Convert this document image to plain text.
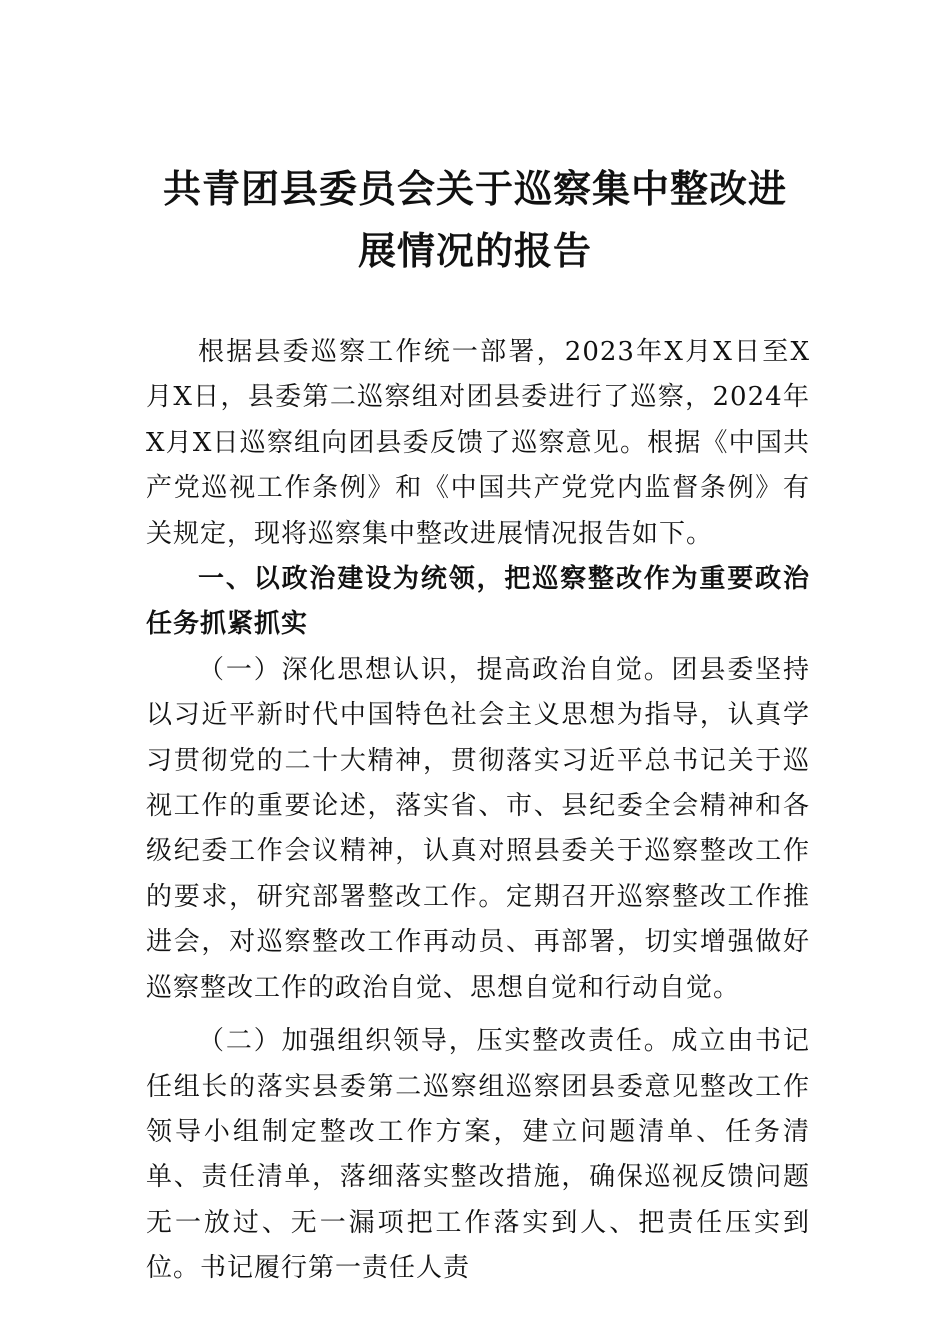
共青团县委员会关于巡察集中整改进展情况的报告

根据县委巡察工作统一部署，2023年X月X日至X月X日，县委第二巡察组对团县委进行了巡察，2024年X月X日巡察组向团县委反馈了巡察意见。根据《中国共产党巡视工作条例》和《中国共产党党内监督条例》有关规定，现将巡察集中整改进展情况报告如下。

一、以政治建设为统领，把巡察整改作为重要政治任务抓紧抓实

（一）深化思想认识，提高政治自觉。团县委坚持以习近平新时代中国特色社会主义思想为指导，认真学习贯彻党的二十大精神，贯彻落实习近平总书记关于巡视工作的重要论述，落实省、市、县纪委全会精神和各级纪委工作会议精神，认真对照县委关于巡察整改工作的要求，研究部署整改工作。定期召开巡察整改工作推进会，对巡察整改工作再动员、再部署，切实增强做好巡察整改工作的政治自觉、思想自觉和行动自觉。

（二）加强组织领导，压实整改责任。成立由书记任组长的落实县委第二巡察组巡察团县委意见整改工作领导小组制定整改工作方案，建立问题清单、任务清单、责任清单，落细落实整改措施，确保巡视反馈问题无一放过、无一漏项把工作落实到人、把责任压实到位。书记履行第一责任人责
